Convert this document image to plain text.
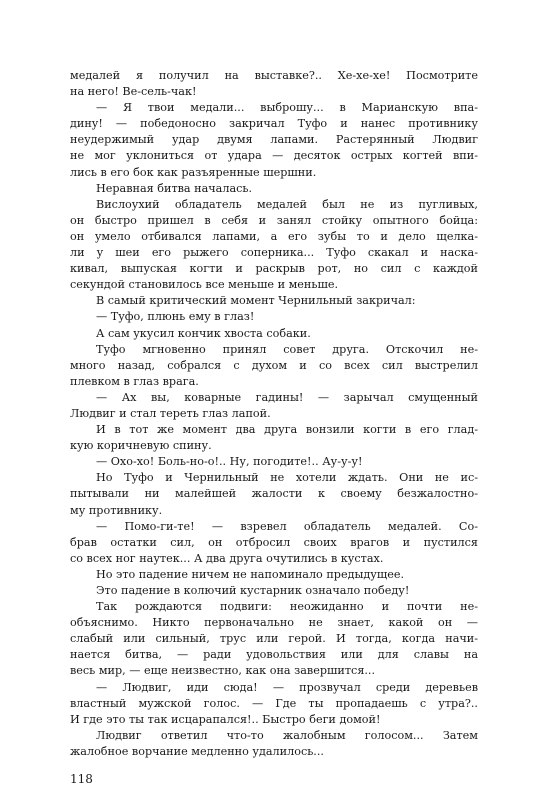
медалей я получил на выставке?.. Хе-хе-хе! Посмотрите
на него! Ве-сель-чак!

— Я твои медали... выброшу... в Марианскую впа-
дину! — победоносно закричал Туфо и нанес противнику
неудержимый удар двумя лапами. Растерянный Людвиг
не мог уклониться от удара — десяток острых когтей впи-
лись в его бок как разъяренные шершни.

Неравная битва началась.

Вислоухий обладатель медалей был не из пугливых,
он быстро пришел в себя и занял стойку опытного бойца:
он умело отбивался лапами, а его зубы то и дело щелка-
ли у шеи его рыжего соперника... Туфо скакал и наска-
кивал, выпуская когти и раскрыв рот, но сил с каждой
секундой становилось все меньше и меньше.

В самый критический момент Чернильный закричал:

— Туфо, плюнь ему в глаз!

А сам укусил кончик хвоста собаки.

Туфо мгновенно принял совет друга. Отскочил не-
много назад, собрался с духом и со всех сил выстрелил
плевком в глаз врага.

— Ах вы, коварные гадины! — зарычал смущенный
Людвиг и стал тереть глаз лапой.

И в тот же момент два друга вонзили когти в его глад-
кую коричневую спину.

— Охо-хо! Боль-но-о!.. Ну, погодите!.. Ау-у-у!

Но Туфо и Чернильный не хотели ждать. Они не ис-
пытывали ни малейшей жалости к своему безжалостно-
му противнику.

— Помо-ги-те! — взревел обладатель медалей. Со-
брав остатки сил, он отбросил своих врагов и пустился
со всех ног наутек... А два друга очутились в кустах.

Но это падение ничем не напоминало предыдущее.

Это падение в колючий кустарник означало победу!

Так рождаются подвиги: неожиданно и почти не-
объяснимо. Никто первоначально не знает, какой он —
слабый или сильный, трус или герой. И тогда, когда начи-
нается битва, — ради удовольствия или для славы на
весь мир, — еще неизвестно, как она завершится...

— Людвиг, иди сюда! — прозвучал среди деревьев
властный мужской голос. — Где ты пропадаешь с утра?..
И где это ты так исцарапался!.. Быстро беги домой!

Людвиг ответил что-то жалобным голосом... Затем
жалобное ворчание медленно удалилось...

118
